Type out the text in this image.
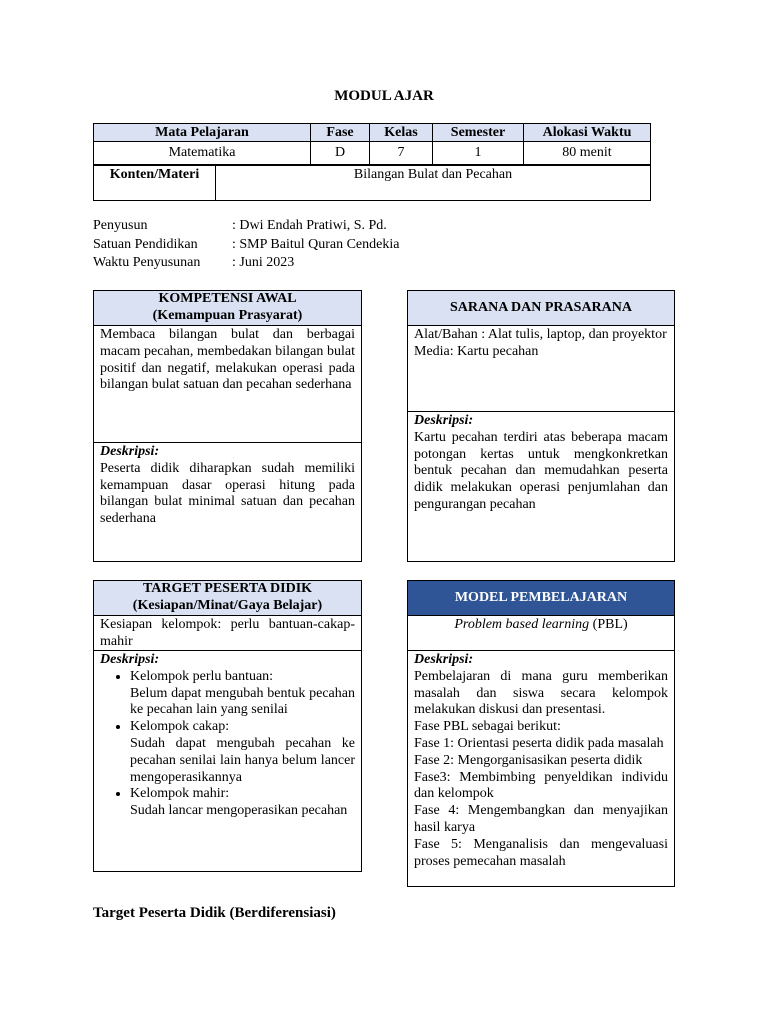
MODUL AJAR
Mata Pelajaran	Fase	Kelas	Semester	Alokasi Waktu
Matematika	D	7	1	80 menit
Konten/Materi	Bilangan Bulat dan Pecahan
Penyusun	: Dwi Endah Pratiwi, S. Pd.
Satuan Pendidikan	: SMP Baitul Quran Cendekia
Waktu Penyusunan	: Juni 2023
KOMPETENSI AWAL
(Kemampuan Prasyarat)
Membaca bilangan bulat dan berbagai macam pecahan, membedakan bilangan bulat positif dan negatif, melakukan operasi pada bilangan bulat satuan dan pecahan sederhana
Deskripsi:
Peserta didik diharapkan sudah memiliki kemampuan dasar operasi hitung pada bilangan bulat minimal satuan dan pecahan sederhana
SARANA DAN PRASARANA
Alat/Bahan : Alat tulis, laptop, dan proyektor
Media: Kartu pecahan
Deskripsi:
Kartu pecahan terdiri atas beberapa macam potongan kertas untuk mengkonkretkan bentuk pecahan dan memudahkan peserta didik melakukan operasi penjumlahan dan pengurangan pecahan
TARGET PESERTA DIDIK
(Kesiapan/Minat/Gaya Belajar)
Kesiapan kelompok: perlu bantuan-cakap-mahir
Deskripsi:
• Kelompok perlu bantuan:
Belum dapat mengubah bentuk pecahan ke pecahan lain yang senilai
• Kelompok cakap:
Sudah dapat mengubah pecahan ke pecahan senilai lain hanya belum lancer mengoperasikannya
• Kelompok mahir:
Sudah lancar mengoperasikan pecahan
MODEL PEMBELAJARAN
Problem based learning (PBL)
Deskripsi:
Pembelajaran di mana guru memberikan masalah dan siswa secara kelompok melakukan diskusi dan presentasi.
Fase PBL sebagai berikut:
Fase 1: Orientasi peserta didik pada masalah
Fase 2: Mengorganisasikan peserta didik
Fase3: Membimbing penyeldikan individu dan kelompok
Fase 4: Mengembangkan dan menyajikan hasil karya
Fase 5: Menganalisis dan mengevaluasi proses pemecahan masalah
Target Peserta Didik (Berdiferensiasi)
